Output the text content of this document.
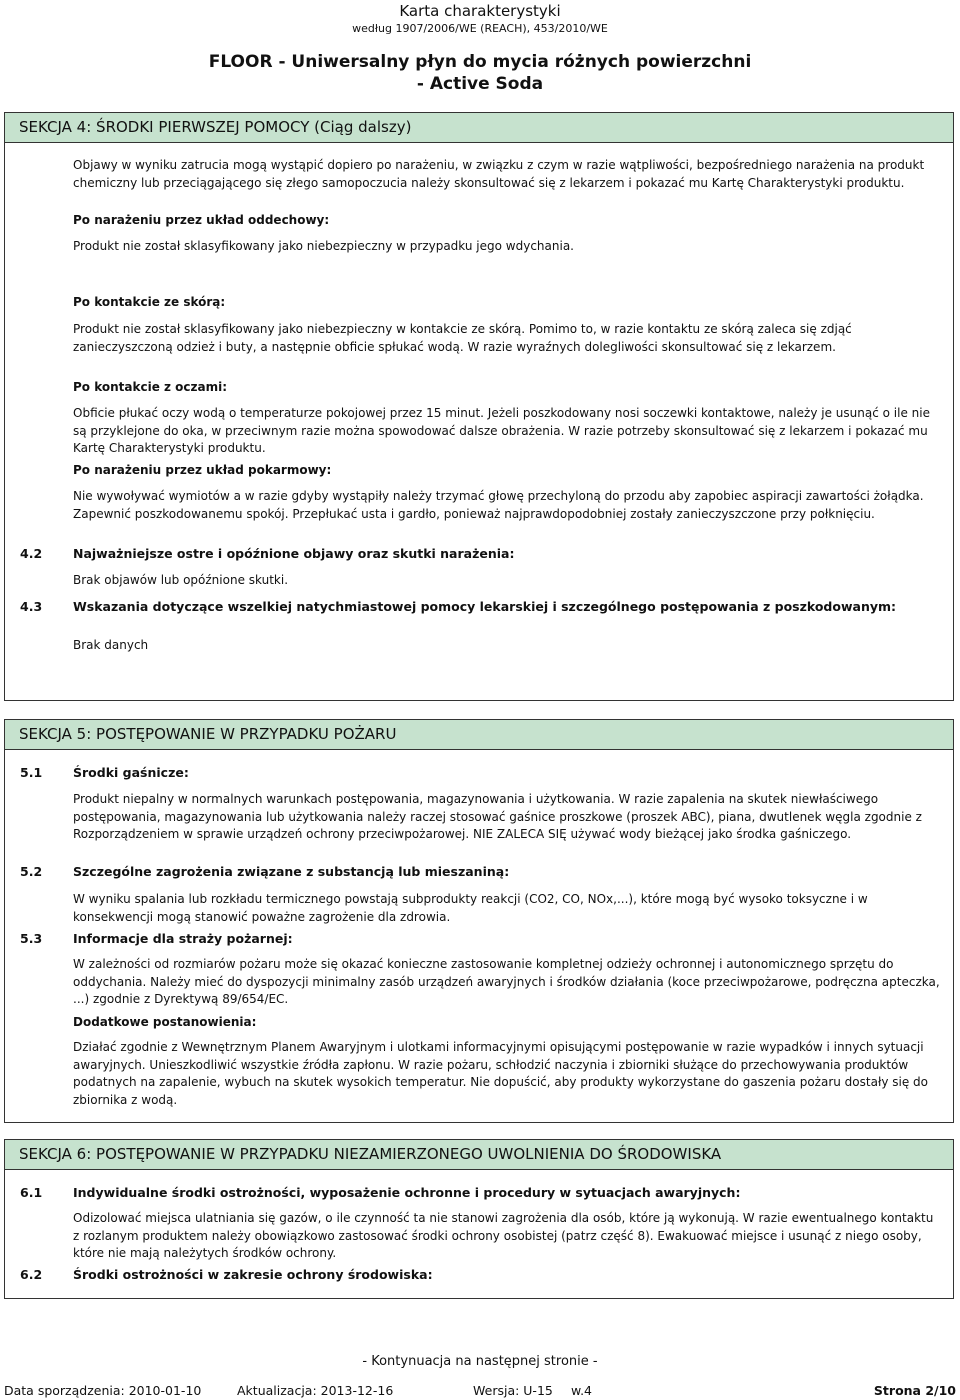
Karta charakterystyki
według 1907/2006/WE (REACH), 453/2010/WE
FLOOR - Uniwersalny płyn do mycia różnych powierzchni
- Active Soda
SEKCJA 4: ŚRODKI PIERWSZEJ POMOCY (Ciąg dalszy)
Objawy w wyniku zatrucia mogą wystąpić dopiero po narażeniu, w związku z czym w razie wątpliwości, bezpośredniego narażenia na produkt chemiczny lub przeciągającego się złego samopoczucia należy skonsultować się z lekarzem i pokazać mu Kartę Charakterystyki produktu.
Po narażeniu przez układ oddechowy:
Produkt nie został sklasyfikowany jako niebezpieczny w przypadku jego wdychania.
Po kontakcie ze skórą:
Produkt nie został sklasyfikowany jako niebezpieczny w kontakcie ze skórą. Pomimo to, w razie kontaktu ze skórą zaleca się zdjąć zanieczyszczoną odzież i buty, a następnie obficie spłukać wodą. W razie wyraźnych dolegliwości skonsultować się z lekarzem.
Po kontakcie z oczami:
Obficie płukać oczy wodą o temperaturze pokojowej przez 15 minut. Jeżeli poszkodowany nosi soczewki kontaktowe, należy je usunąć o ile nie są przyklejone do oka, w przeciwnym razie można spowodować dalsze obrażenia. W razie potrzeby skonsultować się z lekarzem i pokazać mu Kartę Charakterystyki produktu.
Po narażeniu przez układ pokarmowy:
Nie wywoływać wymiotów a w razie gdyby wystąpiły należy trzymać głowę przechyloną do przodu aby zapobiec aspiracji zawartości żołądka. Zapewnić poszkodowanemu spokój. Przepłukać usta i gardło, ponieważ najprawdopodobniej zostały zanieczyszczone przy połknięciu.
4.2	Najważniejsze ostre i opóźnione objawy oraz skutki narażenia:
Brak objawów lub opóźnione skutki.
4.3	Wskazania dotyczące wszelkiej natychmiastowej pomocy lekarskiej i szczególnego postępowania z poszkodowanym:
Brak danych
SEKCJA 5: POSTĘPOWANIE W PRZYPADKU POŻARU
5.1	Środki gaśnicze:
Produkt niepalny w normalnych warunkach postępowania, magazynowania i użytkowania. W razie zapalenia na skutek niewłaściwego postępowania, magazynowania lub użytkowania należy raczej stosować gaśnice proszkowe (proszek ABC), piana, dwutlenek węgla zgodnie z Rozporządzeniem w sprawie urządzeń ochrony przeciwpożarowej. NIE ZALECA SIĘ używać wody bieżącej jako środka gaśniczego.
5.2	Szczególne zagrożenia związane z substancją lub mieszaniną:
W wyniku spalania lub rozkładu termicznego powstają subprodukty reakcji (CO2, CO, NOx,...), które mogą być wysoko toksyczne i w konsekwencji mogą stanowić poważne zagrożenie dla zdrowia.
5.3	Informacje dla straży pożarnej:
W zależności od rozmiarów pożaru może się okazać konieczne zastosowanie kompletnej odzieży ochronnej i autonomicznego sprzętu do oddychania. Należy mieć do dyspozycji minimalny zasób urządzeń awaryjnych i środków działania (koce przeciwpożarowe, podręczna apteczka, ...) zgodnie z Dyrektywą 89/654/EC.
Dodatkowe postanowienia:
Działać zgodnie z Wewnętrznym Planem Awaryjnym i ulotkami informacyjnymi opisującymi postępowanie w razie wypadków i innych sytuacji awaryjnych. Unieszkodliwić wszystkie źródła zapłonu. W razie pożaru, schłodzić naczynia i zbiorniki służące do przechowywania produktów podatnych na zapalenie, wybuch na skutek wysokich temperatur. Nie dopuścić, aby produkty wykorzystane do gaszenia pożaru dostały się do zbiornika z wodą.
SEKCJA 6: POSTĘPOWANIE W PRZYPADKU NIEZAMIERZONEGO UWOLNIENIA DO ŚRODOWISKA
6.1	Indywidualne środki ostrożności, wyposażenie ochronne i procedury w sytuacjach awaryjnych:
Odizolować miejsca ulatniania się gazów, o ile czynność ta nie stanowi zagrożenia dla osób, które ją wykonują. W razie ewentualnego kontaktu z rozlanym produktem należy obowiązkowo zastosować środki ochrony osobistej (patrz część 8). Ewakuować miejsce i usunąć z niego osoby, które nie mają należytych środków ochrony.
6.2	Środki ostrożności w zakresie ochrony środowiska:
- Kontynuacja na następnej stronie -
Data sporządzenia: 2010-01-10	Aktualizacja: 2013-12-16	Wersja: U-15 w.4	Strona 2/10
